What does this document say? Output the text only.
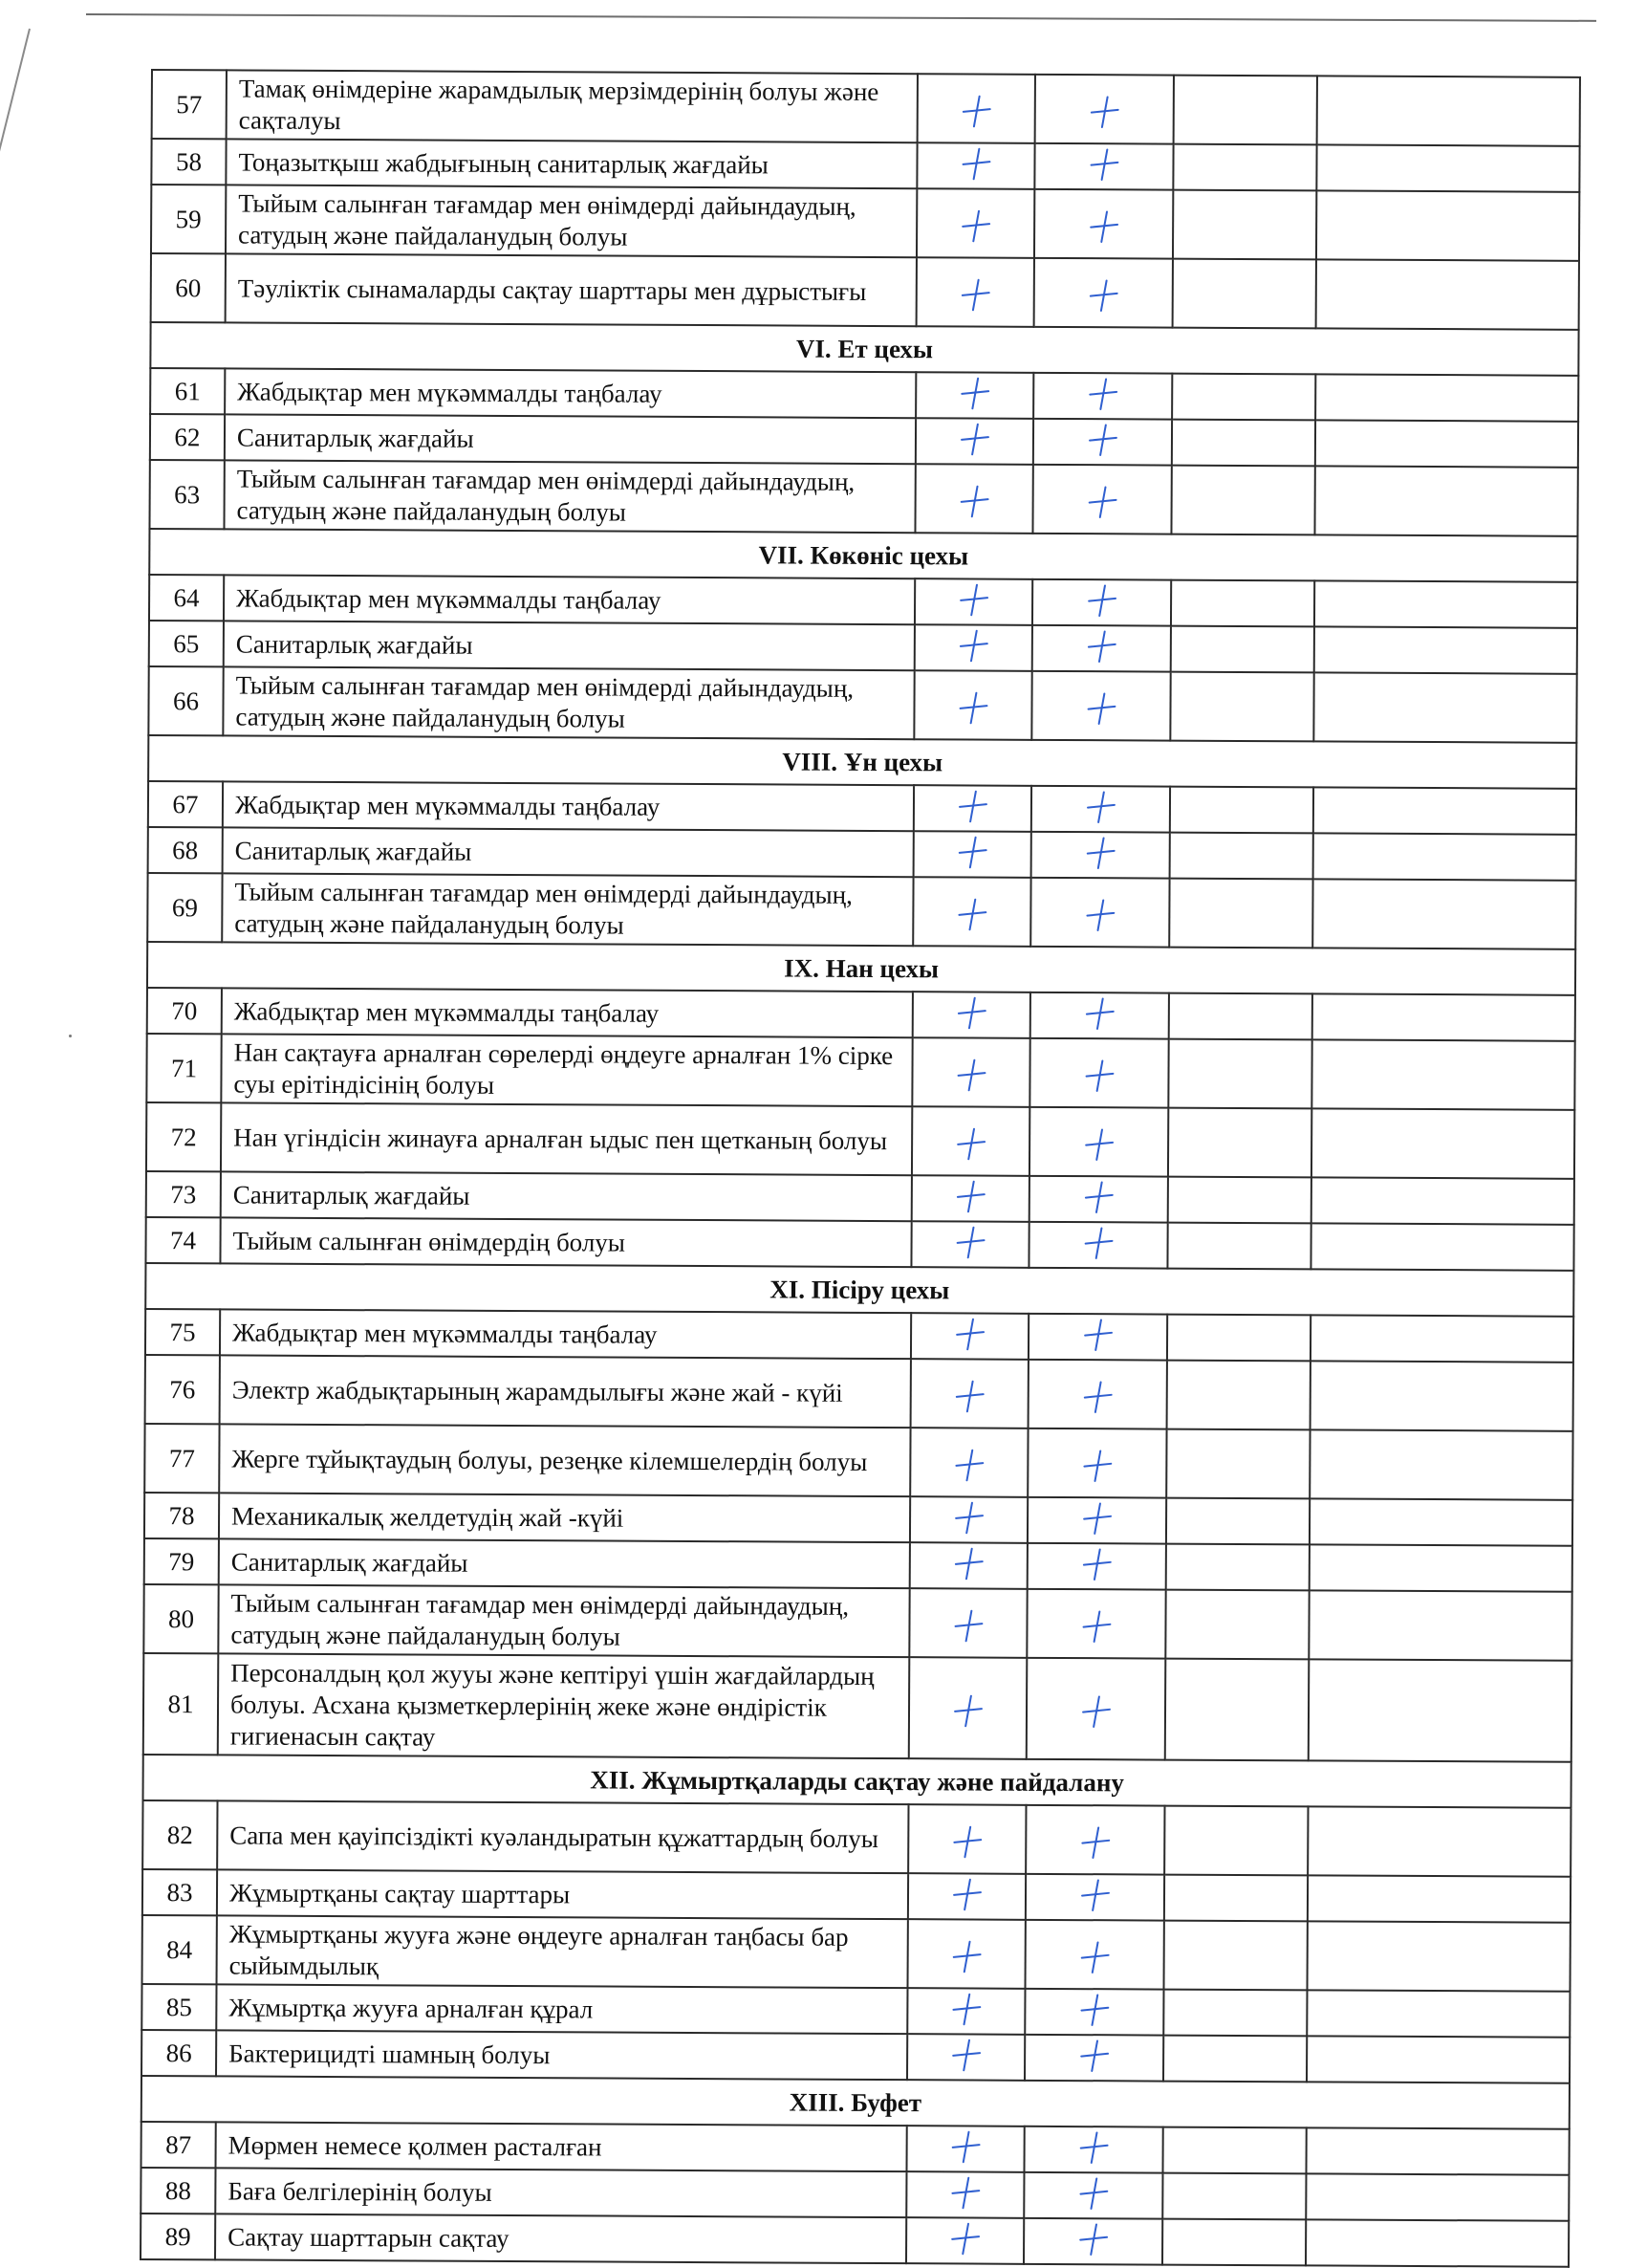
57	Тамақ өнімдеріне жарамдылық мерзімдерінің болуы және сақталуы				
58	Тоңазытқыш жабдығының санитарлық жағдайы				
59	Тыйым салынған тағамдар мен өнімдерді дайындаудың, сатудың және пайдаланудың болуы				
60	Тәуліктік сынамаларды сақтау шарттары мен дұрыстығы				
VI. Ет цехы					
61	Жабдықтар мен мүкәммалды таңбалау				
62	Санитарлық жағдайы				
63	Тыйым салынған тағамдар мен өнімдерді дайындаудың, сатудың және пайдаланудың болуы				
VII. Көкөніс цехы					
64	Жабдықтар мен мүкәммалды таңбалау				
65	Санитарлық жағдайы				
66	Тыйым салынған тағамдар мен өнімдерді дайындаудың, сатудың және пайдаланудың болуы				
VIII. Ұн цехы					
67	Жабдықтар мен мүкәммалды таңбалау				
68	Санитарлық жағдайы				
69	Тыйым салынған тағамдар мен өнімдерді дайындаудың, сатудың және пайдаланудың болуы				
IX. Нан цехы					
70	Жабдықтар мен мүкәммалды таңбалау				
71	Нан сақтауға арналған сөрелерді өңдеуге арналған 1% сірке суы ерітіндісінің болуы				
72	Нан үгіндісін жинауға арналған ыдыс пен щетканың болуы				
73	Санитарлық жағдайы				
74	Тыйым салынған өнімдердің болуы				
XI. Пісіру цехы					
75	Жабдықтар мен мүкәммалды таңбалау				
76	Электр жабдықтарының жарамдылығы және жай - күйі				
77	Жерге тұйықтаудың болуы, резеңке кілемшелердің болуы				
78	Механикалық желдетудің жай -күйі				
79	Санитарлық жағдайы				
80	Тыйым салынған тағамдар мен өнімдерді дайындаудың, сатудың және пайдаланудың болуы				
81	Персоналдың қол жууы және кептіруі үшін жағдайлардың болуы. Асхана қызметкерлерінің жеке және өндірістік гигиенасын сақтау				
XII. Жұмыртқаларды сақтау және пайдалану					
82	Сапа мен қауіпсіздікті куәландыратын құжаттардың болуы				
83	Жұмыртқаны сақтау шарттары				
84	Жұмыртқаны жууға және өңдеуге арналған таңбасы бар сыйымдылық				
85	Жұмыртқа жууға арналған құрал				
86	Бактерицидті шамның болуы				
XIII. Буфет					
87	Мөрмен немесе қолмен расталған				
88	Баға белгілерінің болуы				
89	Сақтау шарттарын сақтау				
